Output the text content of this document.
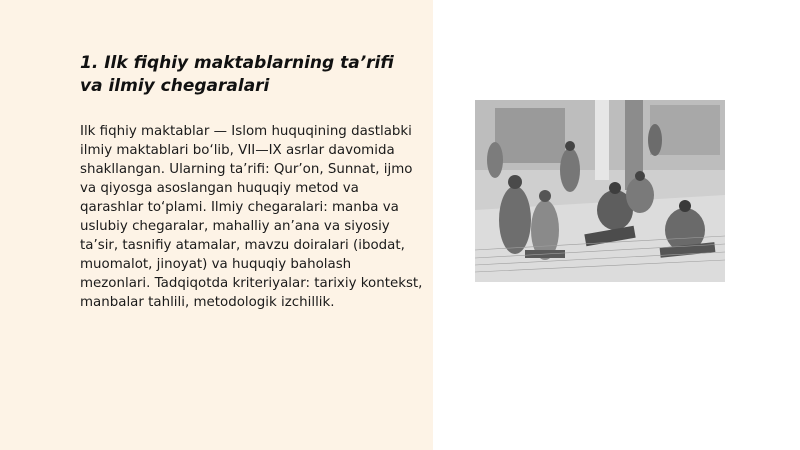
1. Ilk fiqhiy maktablarning ta’rifi va ilmiy chegaralari

Ilk fiqhiy maktablar — Islom huquqining dastlabki ilmiy maktablari bo‘lib, VII—IX asrlar davomida shakllangan. Ularning ta’rifi: Qur’on, Sunnat, ijmo va qiyosga asoslangan huquqiy metod va qarashlar to‘plami. Ilmiy chegaralari: manba va uslubiy chegaralar, mahalliy an’ana va siyosiy ta’sir, tasnifiy atamalar, mavzu doiralari (ibodat, muomalot, jinoyat) va huquqiy baholash mezonlari. Tadqiqotda kriteriyalar: tarixiy kontekst, manbalar tahlili, metodologik izchillik.
